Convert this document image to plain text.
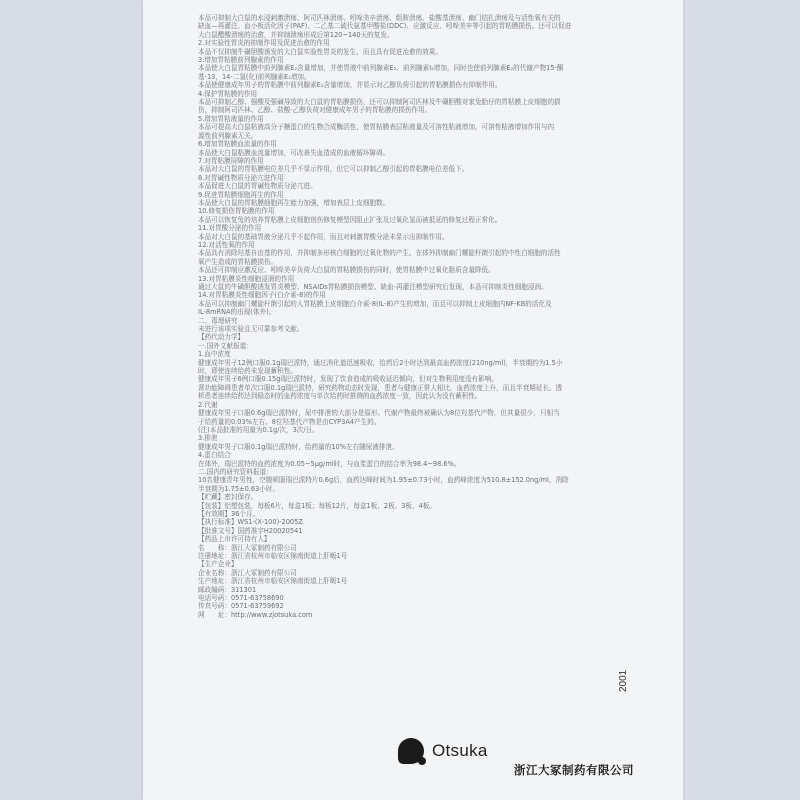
本品可抑制大白鼠的水浸刺激溃疡、阿司匹林溃疡、吲哚美辛溃疡、组胺溃疡、盐酸基溃疡、幽门结扎溃疡及与活性氧有关的

缺血—再灌注、血小板活化因子(PAF)、二乙基二硫代氨基甲酸盐(DDC)、应激反应、吲哚美辛等引起的胃粘膜损伤。还可以促进

大白鼠醋酸溃疡的治愈，并抑制溃疡形成后第120~140天的复发。

2.对实验性胃炎的抑制作用及促进治愈的作用

本品不仅抑制牛磺胆酸诱发的大白鼠实验性胃炎的发生，而且具有促进治愈的效果。

3.增加胃粘膜前列腺素的作用

本品使大白鼠胃粘膜中前列腺素E₂含量增加，并使胃液中前列腺素E₂、前列腺素I₂增加，同时也使前列腺素E₂的代谢产物15-酮

基-13，14-二氢(化)前列腺素E₂增加。

本品使健康成年男子的胃粘膜中前列腺素E₂含量增加，并显示对乙醇负荷引起的胃粘膜损伤有抑制作用。

4.保护胃粘膜的作用

本品可抑制乙醇、强酸及强碱导致的大白鼠的胃粘膜损伤，还可以抑制阿司匹林及牛磺胆酸对家兔胎仔的胃粘膜上皮细胞的损

伤，抑制阿司匹林、乙醇、盐酸-乙醇负荷对健康成年男子的胃粘膜的损伤作用。

5.增加胃粘液量的作用

本品可提高大白鼠粘液高分子糖蛋白的生物合成酶活性，使胃粘膜表层粘液量及可溶性粘液增加，可溶性粘液增加作用与内

源性前列腺素无关。

6.增加胃粘膜血流量的作用

本品使大白鼠粘膜血流量增加，可改善失血造成的血液循环障碍。

7.对胃粘膜屏障的作用

本品对大白鼠的胃粘膜电位差几乎不显示作用，但它可以抑制乙醇引起的胃粘膜电位差低下。

8.对胃碱性物质分泌亢进作用

本品促进大白鼠的胃碱性物质分泌亢进。

9.促进胃粘膜细胞再生的作用

本品使大白鼠的胃粘膜细胞再生能力加强，增加表层上皮细胞数。

10.修复损伤胃粘膜的作用

本品可以恢复兔的培养胃粘膜上皮细胞创伤修复模型因阻止扩张及过氧化氢而被抵延的修复过程正常化。

11.对胃酸分泌的作用

本品对大白鼠的基础胃液分泌几乎不起作用，而且对刺激胃酸分泌未显示出抑制作用。

12.对活性氧的作用

本品具有消除羟基自由基的作用，并抑制多形核白细胞的过氧化物的产生。在体外抑制幽门螺旋杆菌引起的中性白细胞的活性

氧产生造成的胃粘膜损伤。

本品还可抑制应激反应、吲哚美辛负荷大白鼠的胃粘膜损伤的同时，使胃粘膜中过氧化脂质含量降低。

13.对胃粘膜炎性细胞浸润的作用

通过大鼠的牛磺胆酸诱发胃炎模型、NSAIDs胃粘膜损伤模型、缺血-再灌注模型研究后发现，本品可抑制炎性细胞浸润。

14.对胃粘膜炎性细胞因子(白介素-8)的作用

本品可以抑制幽门螺旋杆菌引起的人胃粘膜上皮细胞白介素-8(IL-8)产生的增加，而且可以抑制上皮细胞内NF-KB的活化及

IL-8mRNA的出现(体外)。

二、毒理研究

未进行该项实验且无可靠参考文献。

【药代动力学】

一.国外文献报道：

1.血中浓度

健康成年男子12例口服0.1g瑞巴派特，通过消化道迅速吸收，给药后2小时达到最高血药浓度(210ng/ml)，半衰期约为1.5小

时，即使连续给药未发现蓄积性。

健康成年男子6例口服0.15g瑞巴派特时，发现了饮食造成的吸收延迟倾向，但对生物利用度没有影响。

肾功能障碍患者单次口服0.1g瑞巴派特，研究药物动态时发现，患者与健康正常人相比，血药浓度上升，而且半衰期延长。透

析患者连续给药达到稳态时的血药浓度与单次给药时推测的血药浓度一致，因此认为没有蓄积性。

2.代谢

健康成年男子口服0.6g瑞巴派特时，尿中排泄的大部分是原形。代谢产物最终被确认为8位羟基代产物，但其量很少，只相当

于给药量的0.03%左右。8位羟基代产物是由CYP3A4产生的。

(注)本品批准的用量为0.1g/次，3次/日。

3.排泄

健康成年男子口服0.1g瑞巴派特时，给药量的10%左右随尿液排泄。

4.蛋白结合

在体外，瑞巴派特的血药浓度为0.05~5μg/ml时，与血浆蛋白的结合率为98.4~98.6%。

二.国内的研究资料报道：

10名健康青年男性，空腹顿服瑞巴派特片0.6g后，血药达峰时间为1.95±0.73小时，血药峰浓度为510.8±152.0ng/ml，消除

半衰期为1.75±0.63小时。

【贮藏】密封保存。

【包装】铝塑包装，每板6片，每盒1板；每板12片，每盒1板、2板、3板、4板。

【有效期】36个月。

【执行标准】WS1-(X-100)-2005Z

【批准文号】国药准字H20020541

【药品上市许可持有人】

名　　称：浙江大冢制药有限公司

注册地址：浙江省杭州市临安区锦南街道上肝畈1号

【生产企业】

企业名称：浙江大冢制药有限公司

生产地址：浙江省杭州市临安区锦南街道上肝畈1号

邮政编码：311301

电话号码：0571-63758690

传真号码：0571-63759692

网　　址：http://www.zjotsuka.com

Otsuka
浙江大冢制药有限公司
2001
